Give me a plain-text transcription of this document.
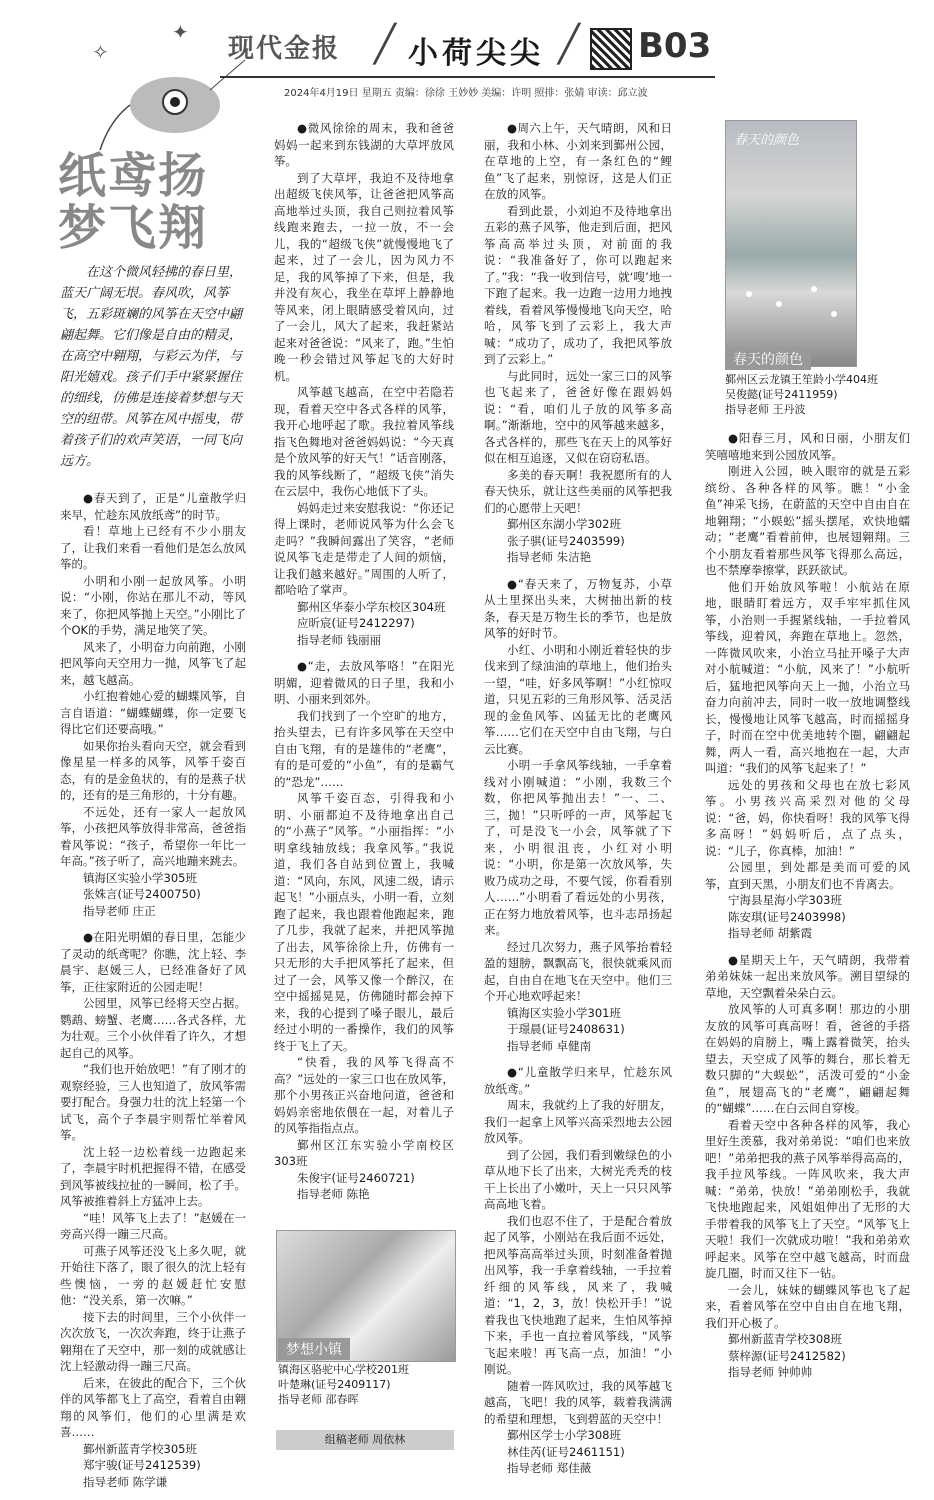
现代金报 ╱ 小荷尖尖 ╱ B03
2024年4月19日 星期五 责编：徐徐 王妙妙 美编：许明 照排：张婧 审读：邱立波
✦
✧
纸鸢扬
梦飞翔
在这个微风轻拂的春日里，蓝天广阔无垠。春风吹，风筝飞，五彩斑斓的风筝在天空中翩翩起舞。它们像是自由的精灵，在高空中翱翔，与彩云为伴，与阳光嬉戏。孩子们手中紧紧握住的细线，仿佛是连接着梦想与天空的纽带。风筝在风中摇曳，带着孩子们的欢声笑语，一同飞向远方。

●春天到了，正是“儿童散学归来早，忙趁东风放纸鸢”的时节。

看！草地上已经有不少小朋友了，让我们来看一看他们是怎么放风筝的。

小明和小刚一起放风筝。小明说：“小刚，你站在那儿不动，等风来了，你把风筝抛上天空。”小刚比了个OK的手势，满足地笑了笑。

风来了，小明奋力向前跑，小刚把风筝向天空用力一抛，风筝飞了起来，越飞越高。

小红抱着她心爱的蝴蝶风筝，自言自语道：“蝴蝶蝴蝶，你一定要飞得比它们还要高哦。”

如果你抬头看向天空，就会看到像星星一样多的风筝，风筝千姿百态，有的是金鱼状的，有的是燕子状的，还有的是三角形的，十分有趣。

不远处，还有一家人一起放风筝，小孩把风筝放得非常高，爸爸指着风筝说：“孩子，希望你一年比一年高。”孩子听了，高兴地蹦来跳去。

镇海区实验小学305班

张姝言(证号2400750)

指导老师 庄正

●在阳光明媚的春日里，怎能少了灵动的纸鸢呢？你瞧，沈上轻、李晨宇、赵媛三人，已经准备好了风筝，正往家附近的公园走呢！

公园里，风筝已经将天空占据。鹦鹉、螃蟹、老鹰……各式各样，尤为壮观。三个小伙伴看了许久，才想起自己的风筝。

“我们也开始放吧！”有了刚才的观察经验，三人也知道了，放风筝需要打配合。身强力壮的沈上轻第一个试飞，高个子李晨宇则帮忙举着风筝。

沈上轻一边松着线一边跑起来了，李晨宇时机把握得不错，在感受到风筝被线拉扯的一瞬间，松了手。风筝被推着斜上方猛冲上去。

“哇！风筝飞上去了！”赵媛在一旁高兴得一蹦三尺高。

可燕子风筝还没飞上多久呢，就开始往下落了，眼了很久的沈上轻有些懊恼，一旁的赵媛赶忙安慰他：“没关系，第一次嘛。”

接下去的时间里，三个小伙伴一次次放飞，一次次奔跑，终于让燕子翱翔在了天空中，那一刻的成就感让沈上轻激动得一蹦三尺高。

后来，在彼此的配合下，三个伙伴的风筝都飞上了高空，看着自由翱翔的风筝们，他们的心里满是欢喜……

鄞州新蓝青学校305班

郑宇骏(证号2412539)

指导老师 陈学谦

●微风徐徐的周末，我和爸爸妈妈一起来到东钱湖的大草坪放风筝。

到了大草坪，我迫不及待地拿出超级飞侠风筝，让爸爸把风筝高高地举过头顶，我自己则拉着风筝线跑来跑去，一拉一放，不一会儿，我的“超级飞侠”就慢慢地飞了起来，过了一会儿，因为风力不足，我的风筝掉了下来，但是，我并没有灰心，我坐在草坪上静静地等风来，闭上眼睛感受着风向，过了一会儿，风大了起来，我赶紧站起来对爸爸说：“风来了，跑。”生怕晚一秒会错过风筝起飞的大好时机。

风筝越飞越高，在空中若隐若现，看着天空中各式各样的风筝，我开心地呼起了歌。我拉着风筝线指飞色舞地对爸爸妈妈说：“今天真是个放风筝的好天气！”话音刚落，我的风筝线断了，“超级飞侠”消失在云层中，我伤心地低下了头。

妈妈走过来安慰我说：“你还记得上课时，老师说风筝为什么会飞走吗？”我瞬间露出了笑容，“老师说风筝飞走是带走了人间的烦恼，让我们越来越好。”周围的人听了，都哈哈了掌声。

鄞州区华泰小学东校区304班

应昕宸(证号2412297)

指导老师 钱丽丽

●“走，去放风筝咯！”在阳光明媚，迎着微风的日子里，我和小明、小丽来到郊外。

我们找到了一个空旷的地方，抬头望去，已有许多风筝在天空中自由飞翔，有的是雄伟的“老鹰”，有的是可爱的“小鱼”，有的是霸气的“恐龙”……

风筝千姿百态，引得我和小明、小丽都迫不及待地拿出自己的“小燕子”风筝。“小丽指挥：“小明拿线轴放线；我拿风筝。”我说道，我们各自站到位置上，我喊道：“风向，东风，风速二级，请示起飞！”小丽点头，小明一看，立刻跑了起来，我也跟着他跑起来，跑了几步，我就了起来，并把风筝抛了出去，风筝徐徐上升，仿佛有一只无形的大手把风筝托了起来，但过了一会，风筝又像一个醉汉，在空中摇摇晃晃，仿佛随时都会掉下来，我的心提到了嗓子眼儿，最后经过小明的一番操作，我们的风筝终于飞上了天。

“快看，我的风筝飞得高不高？”远处的一家三口也在放风筝，那个小男孩正兴奋地问道，爸爸和妈妈亲密地依偎在一起，对着儿子的风筝指指点点。

鄞州区江东实验小学南校区303班

朱俊宇(证号2460721)

指导老师 陈艳

●周六上午，天气晴朗，风和日丽，我和小林、小刘来到鄞州公园，在草地的上空，有一条红色的“鲤鱼”飞了起来，别惊讶，这是人们正在放的风筝。

看到此景，小刘迫不及待地拿出五彩的燕子风筝，他走到后面，把风筝高高举过头顶，对前面的我说：“我准备好了，你可以跑起来了。”我：“我一收到信号，就‘嗖’地一下跑了起来。我一边跑一边用力地拽着线，看着风筝慢慢地飞向天空，哈哈，风筝飞到了云彩上，我大声喊：“成功了，成功了，我把风筝放到了云彩上。”

与此同时，远处一家三口的风筝也飞起来了，爸爸好像在跟妈妈说：“看，咱们儿子放的风筝多高啊。”渐渐地，空中的风筝越来越多，各式各样的，那些飞在天上的风筝好似在相互追逐，又似在窃窃私语。

多美的春天啊！我祝愿所有的人春天快乐，就让这些美丽的风筝把我们的心愿带上天吧！

鄞州区东湖小学302班

张子骐(证号2403599)

指导老师 朱洁艳

●“春天来了，万物复苏，小草从土里探出头来，大树抽出新的枝条，春天是万物生长的季节，也是放风筝的好时节。

小红、小明和小刚近着轻快的步伐来到了绿油油的草地上，他们抬头一望，“哇，好多风筝啊！”小红惊叹道，只见五彩的三角形风筝、活灵活现的金鱼风筝、凶猛无比的老鹰风筝……它们在天空中自由飞翔，与白云比赛。

小明一手拿风筝线轴，一手拿着线对小刚喊道：“小刚，我数三个数，你把风筝抛出去！”一、二、三，抛！”只听呼的一声，风筝起飞了，可是没飞一小会，风筝就了下来，小明很沮丧，小红对小明说：“小明，你是第一次放风筝，失败乃成功之母，不要气馁，你看看别人……”小明看了看远处的小男孩，正在努力地放着风筝，也斗志昂扬起来。

经过几次努力，燕子风筝抬着轻盈的翅膀，飘飘高飞，很快就乘风而起，自由自在地飞在天空中。他们三个开心地欢呼起来！

镇海区实验小学301班

于璟晨(证号2408631)

指导老师 卓健南

●“儿童散学归来早，忙趁东风放纸鸢。”

周末，我就约上了我的好朋友，我们一起拿上风筝兴高采烈地去公园放风筝。

到了公园，我们看到嫩绿色的小草从地下长了出来，大树光秃秃的枝干上长出了小嫩叶，天上一只只风筝高高地飞着。

我们也忍不住了，于是配合着放起了风筝，小刚站在我后面不远处，把风筝高高举过头顶，时刻准备着抛出风筝，我一手拿着线轴，一手拉着纤细的风筝线，风来了，我喊道：“1，2，3，放！快松开手！”说着我也飞快地跑了起来，生怕风筝掉下来，手也一直拉着风筝线，“风筝飞起来啦！再飞高一点，加油！”小刚说。

随着一阵风吹过，我的风筝越飞越高，飞吧！我的风筝，载着我满满的希望和理想，飞到碧蓝的天空中！

鄞州区学士小学308班

林佳芮(证号2461151)

指导老师 郑佳薇

●阳春三月，风和日丽，小朋友们笑嘻嘻地来到公园放风筝。

刚进入公园，映入眼帘的就是五彩缤纷、各种各样的风筝。瞧！“小金鱼”神采飞扬，在蔚蓝的天空中自由自在地翱翔；“小蜈蚣”摇头摆尾，欢快地蠕动；“老鹰”看着前伸，也展翅翱翔。三个小朋友看着那些风筝飞得那么高远，也不禁摩拳擦掌，跃跃欲试。

他们开始放风筝啦！小航站在原地，眼睛盯着远方，双手牢牢抓住风筝，小治则一手握紧线轴，一手拉着风筝线，迎着风，奔跑在草地上。忽然，一阵微风吹来，小治立马扯开嗓子大声对小航喊道：“小航，风来了！”小航听后，猛地把风筝向天上一抛，小治立马奋力向前冲去，同时一收一放地调整线长，慢慢地让风筝飞越高，时而摇摇身子，时而在空中优美地转个圈，翩翩起舞，两人一看，高兴地抱在一起，大声叫道：“我们的风筝飞起来了！”

远处的男孩和父母也在放七彩风筝。小男孩兴高采烈对他的父母说：“爸，妈，你快看呀！我的风筝飞得多高呀！”妈妈听后，点了点头，说：“儿子，你真棒，加油！”

公园里，到处都是美而可爱的风筝，直到天黑，小朋友们也不肯离去。

宁海县星海小学303班

陈安琪(证号2403998)

指导老师 胡紫霞

●星期天上午，天气晴朗，我带着弟弟妹妹一起出来放风筝。溯目望绿的草地，天空飘着朵朵白云。

放风筝的人可真多啊！那边的小朋友放的风筝可真高呀！看，爸爸的手搭在妈妈的肩膀上，嘴上露着微笑，抬头望去，天空成了风筝的舞台，那长着无数只脚的“大蜈蚣”，活泼可爱的“小金鱼”，展翅高飞的“老鹰”，翩翩起舞的“蝴蝶”……在白云间自穿梭。

看着天空中各种各样的风筝，我心里好生羡慕，我对弟弟说：“咱们也来放吧！”弟弟把我的燕子风筝举得高高的，我手拉风筝线。一阵风吹来，我大声喊：“弟弟，快放！”弟弟刚松手，我就飞快地跑起来，风姐姐伸出了无形的大手带着我的风筝飞上了天空。“风筝飞上天啦！我们一次就成功啦！”我和弟弟欢呼起来。风筝在空中越飞越高，时而盘旋几圈，时而又往下一钻。

一会儿，妹妹的蝴蝶风筝也飞了起来，看着风筝在空中自由自在地飞翔，我们开心极了。

鄞州新蓝青学校308班

蔡梓源(证号2412582)

指导老师 钟帅帅

春天的颜色
春天的颜色
鄞州区云龙镇王笙龄小学404班
吴俊懿(证号2411959)
指导老师 王丹波
梦想小镇
镇海区骆驼中心学校201班
叶楚琳(证号2409117)
指导老师 邵春晖
组稿老师 周依林
